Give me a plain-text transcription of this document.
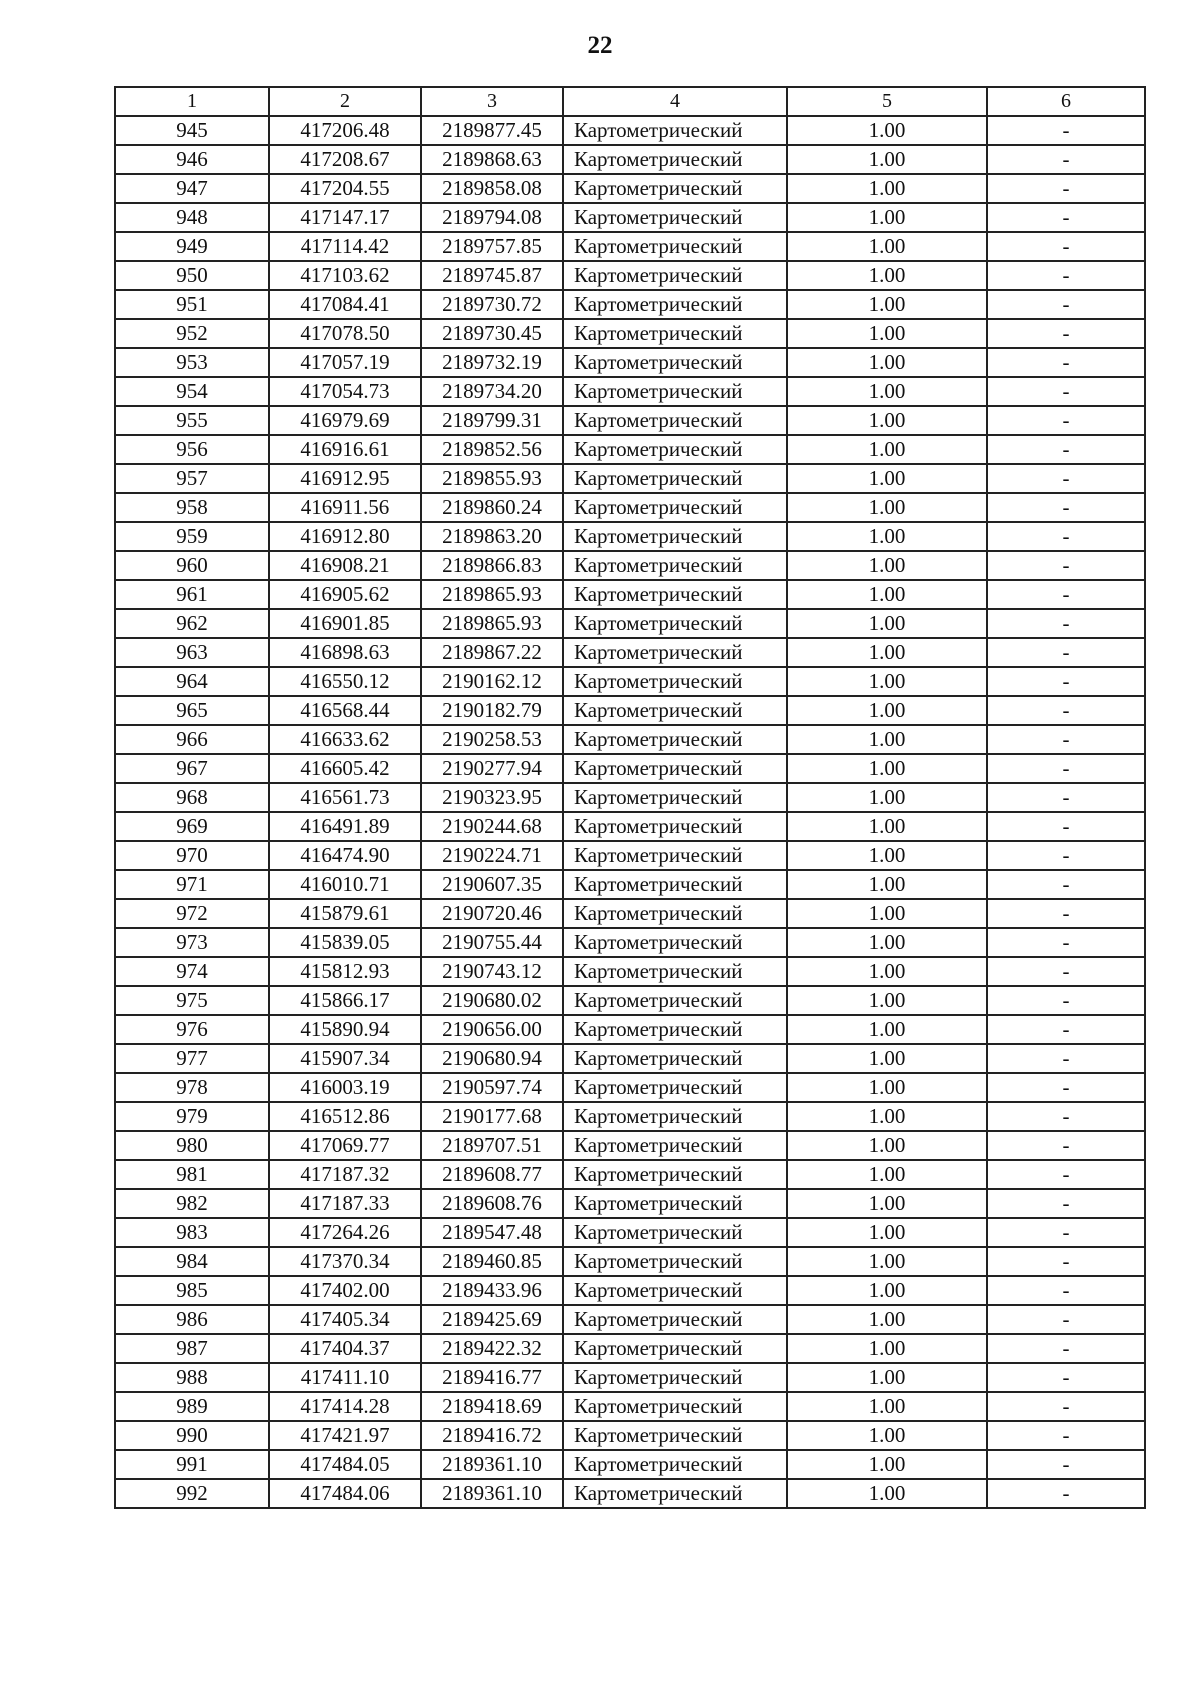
22
1	2	3	4	5	6
945	417206.48	2189877.45	Картометрический	1.00	-
946	417208.67	2189868.63	Картометрический	1.00	-
947	417204.55	2189858.08	Картометрический	1.00	-
948	417147.17	2189794.08	Картометрический	1.00	-
949	417114.42	2189757.85	Картометрический	1.00	-
950	417103.62	2189745.87	Картометрический	1.00	-
951	417084.41	2189730.72	Картометрический	1.00	-
952	417078.50	2189730.45	Картометрический	1.00	-
953	417057.19	2189732.19	Картометрический	1.00	-
954	417054.73	2189734.20	Картометрический	1.00	-
955	416979.69	2189799.31	Картометрический	1.00	-
956	416916.61	2189852.56	Картометрический	1.00	-
957	416912.95	2189855.93	Картометрический	1.00	-
958	416911.56	2189860.24	Картометрический	1.00	-
959	416912.80	2189863.20	Картометрический	1.00	-
960	416908.21	2189866.83	Картометрический	1.00	-
961	416905.62	2189865.93	Картометрический	1.00	-
962	416901.85	2189865.93	Картометрический	1.00	-
963	416898.63	2189867.22	Картометрический	1.00	-
964	416550.12	2190162.12	Картометрический	1.00	-
965	416568.44	2190182.79	Картометрический	1.00	-
966	416633.62	2190258.53	Картометрический	1.00	-
967	416605.42	2190277.94	Картометрический	1.00	-
968	416561.73	2190323.95	Картометрический	1.00	-
969	416491.89	2190244.68	Картометрический	1.00	-
970	416474.90	2190224.71	Картометрический	1.00	-
971	416010.71	2190607.35	Картометрический	1.00	-
972	415879.61	2190720.46	Картометрический	1.00	-
973	415839.05	2190755.44	Картометрический	1.00	-
974	415812.93	2190743.12	Картометрический	1.00	-
975	415866.17	2190680.02	Картометрический	1.00	-
976	415890.94	2190656.00	Картометрический	1.00	-
977	415907.34	2190680.94	Картометрический	1.00	-
978	416003.19	2190597.74	Картометрический	1.00	-
979	416512.86	2190177.68	Картометрический	1.00	-
980	417069.77	2189707.51	Картометрический	1.00	-
981	417187.32	2189608.77	Картометрический	1.00	-
982	417187.33	2189608.76	Картометрический	1.00	-
983	417264.26	2189547.48	Картометрический	1.00	-
984	417370.34	2189460.85	Картометрический	1.00	-
985	417402.00	2189433.96	Картометрический	1.00	-
986	417405.34	2189425.69	Картометрический	1.00	-
987	417404.37	2189422.32	Картометрический	1.00	-
988	417411.10	2189416.77	Картометрический	1.00	-
989	417414.28	2189418.69	Картометрический	1.00	-
990	417421.97	2189416.72	Картометрический	1.00	-
991	417484.05	2189361.10	Картометрический	1.00	-
992	417484.06	2189361.10	Картометрический	1.00	-
